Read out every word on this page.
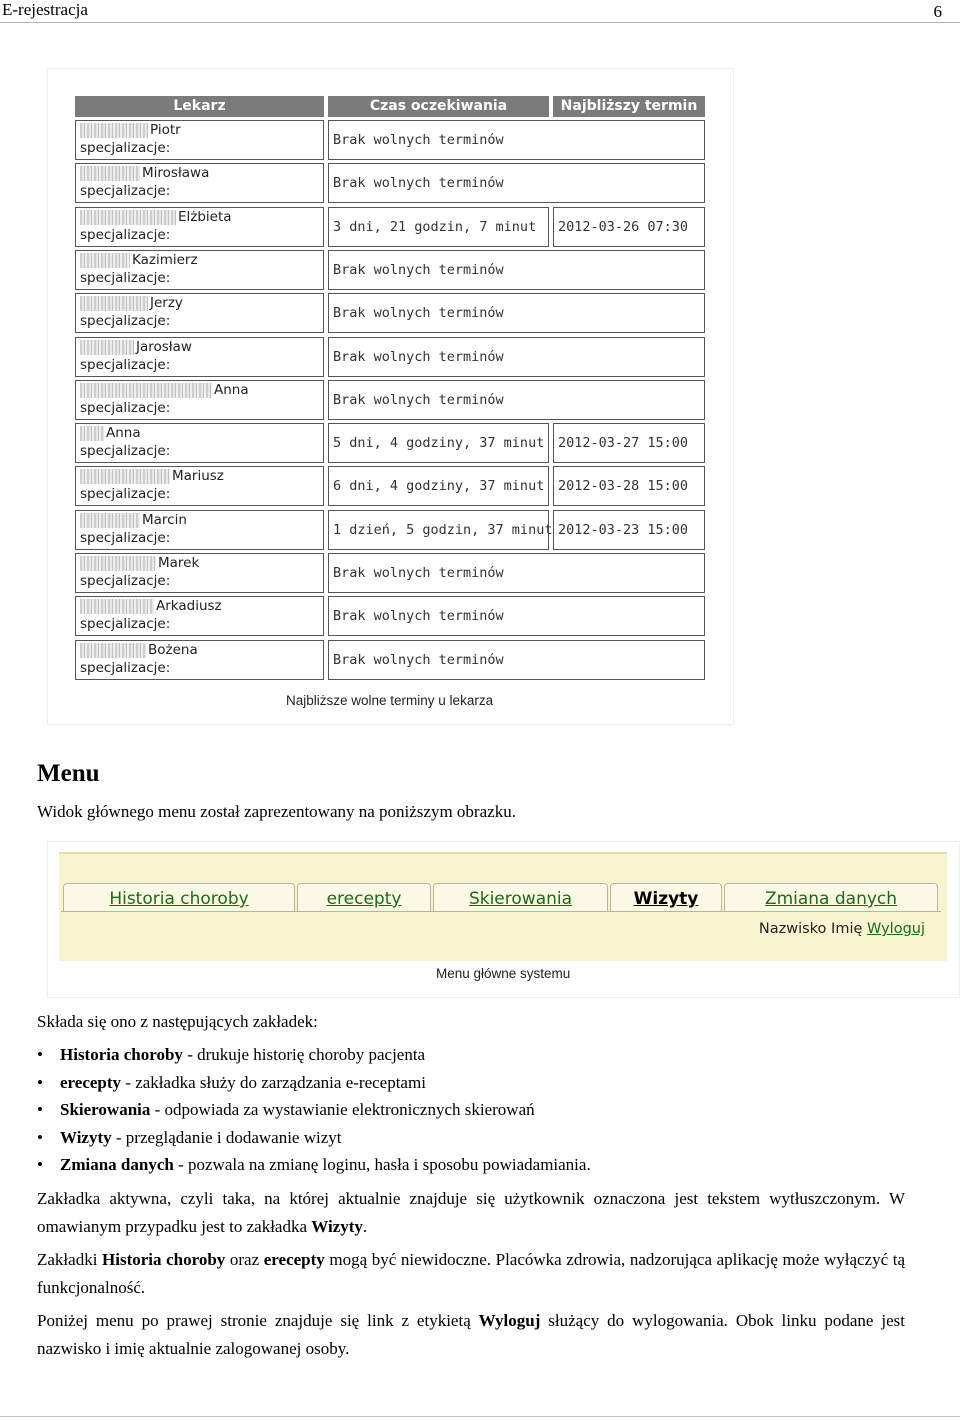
E-rejestracja	6
Lekarz	Czas oczekiwania	Najbliższy termin
Piotr
specjalizacje:	Brak wolnych terminów
Mirosława
specjalizacje:	Brak wolnych terminów
Elżbieta
specjalizacje:	3 dni, 21 godzin, 7 minut 2012-03-26 07:30
Kazimierz
specjalizacje:	Brak wolnych terminów
Jerzy
specjalizacje:	Brak wolnych terminów
Jarosław
specjalizacje:	Brak wolnych terminów
Anna
specjalizacje:	Brak wolnych terminów
Anna
specjalizacje:	5 dni, 4 godziny, 37 minut 2012-03-27 15:00
Mariusz
specjalizacje:	6 dni, 4 godziny, 37 minut 2012-03-28 15:00
Marcin
specjalizacje:	1 dzień, 5 godzin, 37 minut 2012-03-23 15:00
Marek
specjalizacje:	Brak wolnych terminów
Arkadiusz
specjalizacje:	Brak wolnych terminów
Bożena
specjalizacje:	Brak wolnych terminów
Najbliższe wolne terminy u lekarza
Menu
Widok głównego menu został zaprezentowany na poniższym obrazku.
Historia choroby	erecepty	Skierowania	Wizyty	Zmiana danych
Nazwisko Imię Wyloguj
Menu główne systemu
Składa się ono z następujących zakładek:
• Historia choroby - drukuje historię choroby pacjenta
• erecepty - zakładka służy do zarządzania e-receptami
• Skierowania - odpowiada za wystawianie elektronicznych skierowań
• Wizyty - przeglądanie i dodawanie wizyt
• Zmiana danych - pozwala na zmianę loginu, hasła i sposobu powiadamiania.
Zakładka aktywna, czyli taka, na której aktualnie znajduje się użytkownik oznaczona jest tekstem wytłuszczonym. W omawianym przypadku jest to zakładka Wizyty.
Zakładki Historia choroby oraz erecepty mogą być niewidoczne. Placówka zdrowia, nadzorująca aplikację może wyłączyć tą funkcjonalność.
Poniżej menu po prawej stronie znajduje się link z etykietą Wyloguj służący do wylogowania. Obok linku podane jest nazwisko i imię aktualnie zalogowanej osoby.
